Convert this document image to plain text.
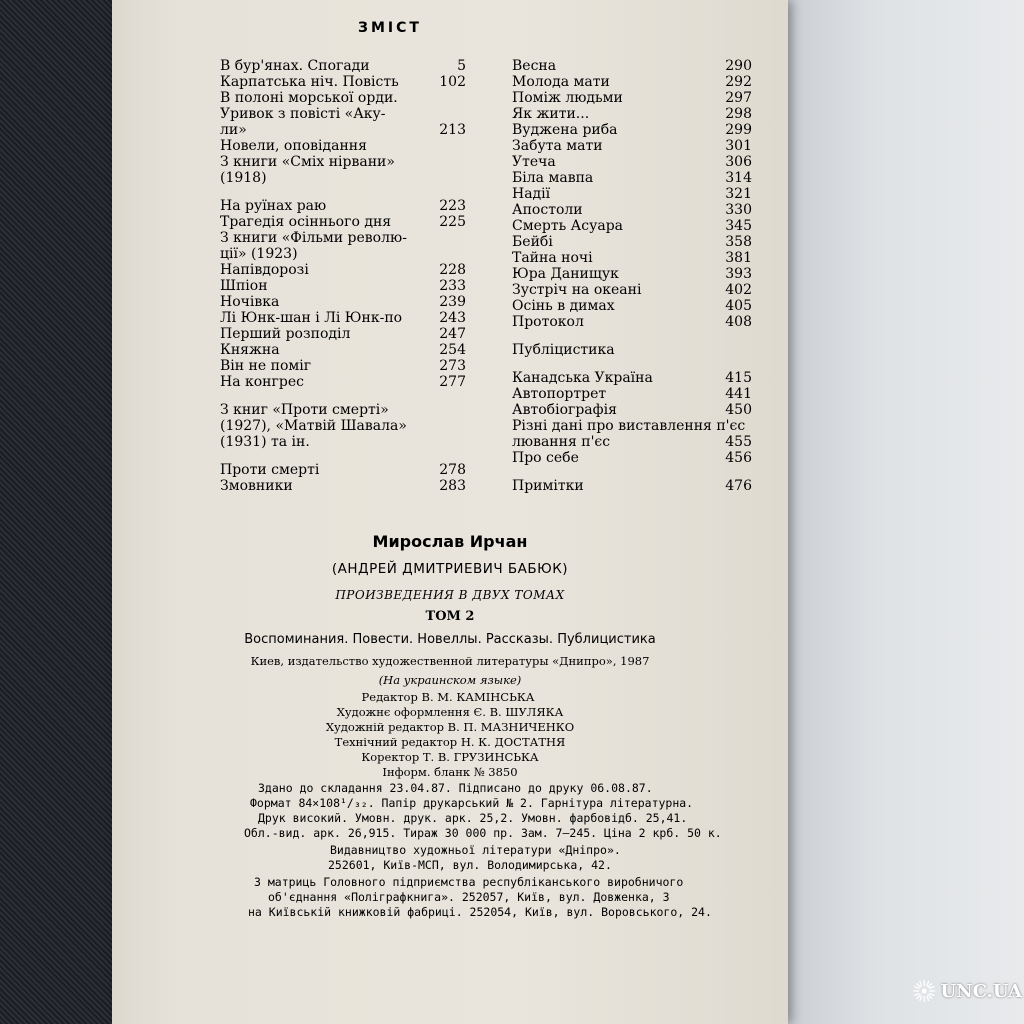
ЗМІСТ
В бур'янах. Спогади	5
Карпатська ніч. Повість	102
В полоні морської орди.
Уривок з повісті «Аку-
ли»	213
Новели, оповідання
З книги «Сміх нірвани»
(1918)
На руїнах раю	223
Трагедія осіннього дня	225
З книги «Фільми револю-
ції» (1923)
Напівдорозі	228
Шпіон	233
Ночівка	239
Лі Юнк-шан і Лі Юнк-по	243
Перший розподіл	247
Княжна	254
Він не поміг	273
На конгрес	277
З книг «Проти смерті»
(1927), «Матвій Шавала»
(1931) та ін.
Проти смерті	278
Змовники	283
Весна	290
Молода мати	292
Поміж людьми	297
Як жити...	298
Вуджена риба	299
Забута мати	301
Утеча	306
Біла мавпа	314
Надії	321
Апостоли	330
Смерть Асуара	345
Бейбі	358
Тайна ночі	381
Юра Данищук	393
Зустріч на океані	402
Осінь в димах	405
Протокол	408
Публіцистика
Канадська Україна	415
Автопортрет	441
Автобіографія	450
Різні дані про виставлення п'єс
лювання п'єс	455
Про себе	456
Примітки	476
Мирослав Ирчан
(АНДРЕЙ ДМИТРИЕВИЧ БАБЮК)
ПРОИЗВЕДЕНИЯ В ДВУХ ТОМАХ
ТОМ 2
Воспоминания. Повести. Новеллы. Рассказы. Публицистика
Киев, издательство художественной литературы «Днипро», 1987
(На украинском языке)
Редактор В. М. КАМІНСЬКА
Художнє оформлення Є. В. ШУЛЯКА
Художній редактор В. П. МАЗНИЧЕНКО
Технічний редактор Н. К. ДОСТАТНЯ
Коректор Т. В. ГРУЗИНСЬКА
Інформ. бланк № 3850
Здано до складання 23.04.87. Підписано до друку 06.08.87.
Формат 84×108¹/₃₂. Папір друкарський № 2. Гарнітура літературна.
Друк високий. Умовн. друк. арк. 25,2. Умовн. фарбовідб. 25,41.
Обл.-вид. арк. 26,915. Тираж 30 000 пр. Зам. 7—245. Ціна 2 крб. 50 к.
Видавництво художньої літератури «Дніпро».
252601, Київ-МСП, вул. Володимирська, 42.
З матриць Головного підприємства республіканського виробничого
об'єднання «Поліграфкнига». 252057, Київ, вул. Довженка, 3
на Київській книжковій фабриці. 252054, Київ, вул. Воровського, 24.
UNC.UA
